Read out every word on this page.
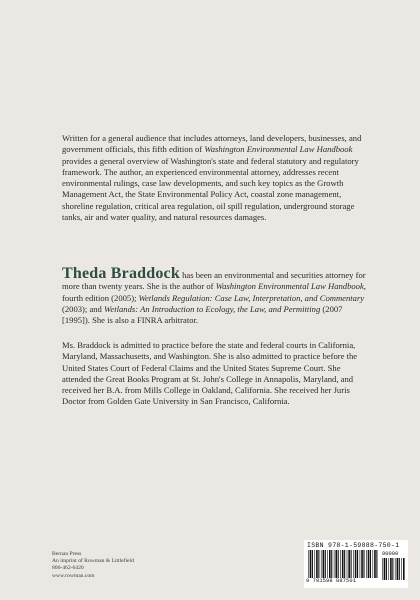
Written for a general audience that includes attorneys, land developers, businesses, and government officials, this fifth edition of Washington Environmental Law Handbook provides a general overview of Washington's state and federal statutory and regulatory framework. The author, an experienced environmental attorney, addresses recent environmental rulings, case law developments, and such key topics as the Growth Management Act, the State Environmental Policy Act, coastal zone management, shoreline regulation, critical area regulation, oil spill regulation, underground storage tanks, air and water quality, and natural resources damages.

Theda Braddock has been an environmental and securities attorney for more than twenty years. She is the author of Washington Environmental Law Handbook, fourth edition (2005); Wetlands Regulation: Case Law, Interpretation, and Commentary (2003); and Wetlands: An Introduction to Ecology, the Law, and Permitting (2007 [1995]). She is also a FINRA arbitrator.

Ms. Braddock is admitted to practice before the state and federal courts in California, Maryland, Massachusetts, and Washington. She is also admitted to practice before the United States Court of Federal Claims and the United States Supreme Court. She attended the Great Books Program at St. John's College in Annapolis, Maryland, and received her B.A. from Mills College in Oakland, California. She received her Juris Doctor from Golden Gate University in San Francisco, California.

Bernan Press
An imprint of Rowman & Littlefield
800-462-6420
www.rowman.com
ISBN 978-1-59888-750-1
9 781598 887501
90000
